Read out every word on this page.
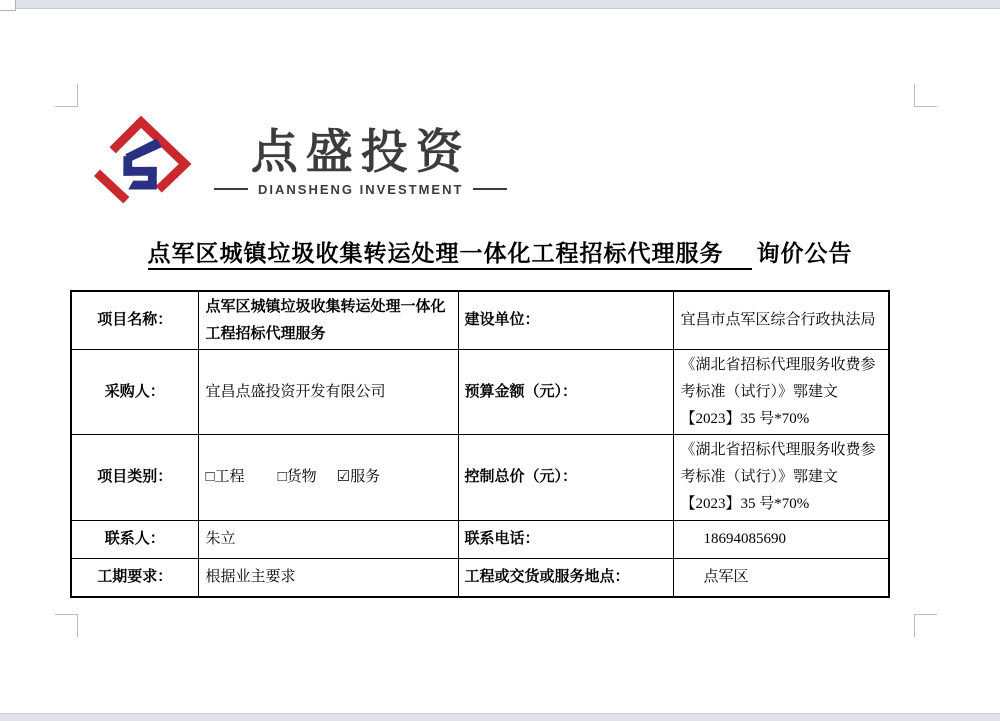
点盛投资
DIANSHENG INVESTMENT
点军区城镇垃圾收集转运处理一体化工程招标代理服务 询价公告
项目名称：	点军区城镇垃圾收集转运处理一体化工程招标代理服务	建设单位：	宜昌市点军区综合行政执法局
采购人：	宜昌点盛投资开发有限公司	预算金额（元）：	《湖北省招标代理服务收费参考标准（试行）》鄂建文【2023】35 号*70%
项目类别：	□工程 □货物 ☑服务	控制总价（元）：	《湖北省招标代理服务收费参考标准（试行）》鄂建文【2023】35 号*70%
联系人：	朱立	联系电话：	18694085690
工期要求：	根据业主要求	工程或交货或服务地点：	点军区
